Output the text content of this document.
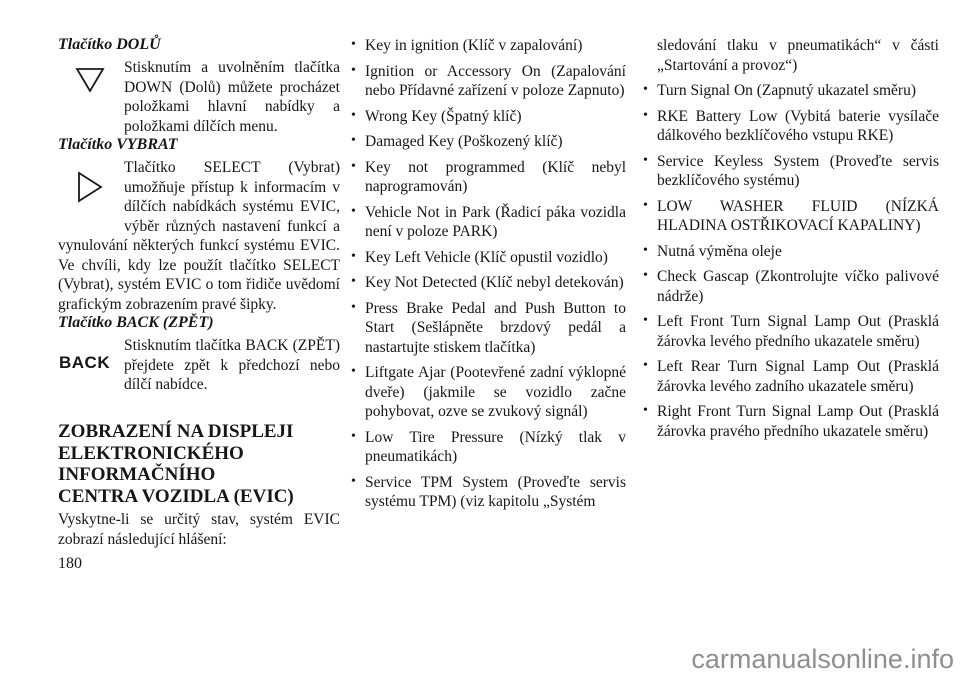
Tlačítko DOLŮ

Stisknutím a uvolněním tlačítka DOWN (Dolů) můžete procházet položkami hlavní nabídky a položkami dílčích menu.

Tlačítko VYBRAT

Tlačítko SELECT (Vybrat) umožňuje přístup k informacím v dílčích nabídkách systému EVIC, výběr různých nastavení funkcí a vynulování některých funkcí systému EVIC. Ve chvíli, kdy lze použít tlačítko SELECT (Vybrat), systém EVIC o tom řidiče uvědomí grafickým zobrazením pravé šipky.

Tlačítko BACK (ZPĚT)
BACK

Stisknutím tlačítka BACK (ZPĚT) přejdete zpět k předchozí nebo dílčí nabídce.

ZOBRAZENÍ NA DISPLEJI
ELEKTRONICKÉHO
INFORMAČNÍHO
CENTRA VOZIDLA (EVIC)

Vyskytne-li se určitý stav, systém EVIC zobrazí následující hlášení:

180
• Key in ignition (Klíč v zapalování)
• Ignition or Accessory On (Zapalování nebo Přídavné zařízení v poloze Zapnuto)
• Wrong Key (Špatný klíč)
• Damaged Key (Poškozený klíč)
• Key not programmed (Klíč nebyl naprogramován)
• Vehicle Not in Park (Řadicí páka vozidla není v poloze PARK)
• Key Left Vehicle (Klíč opustil vozidlo)
• Key Not Detected (Klíč nebyl detekován)
• Press Brake Pedal and Push Button to Start (Sešlápněte brzdový pedál a nastartujte stiskem tlačítka)
• Liftgate Ajar (Pootevřené zadní výklopné dveře) (jakmile se vozidlo začne pohybovat, ozve se zvukový signál)
• Low Tire Pressure (Nízký tlak v pneumatikách)
• Service TPM System (Proveďte servis systému TPM) (viz kapitolu „Systém

sledování tlaku v pneumatikách“ v části „Startování a provoz“)

• Turn Signal On (Zapnutý ukazatel směru)
• RKE Battery Low (Vybitá baterie vysílače dálkového bezklíčového vstupu RKE)
• Service Keyless System (Proveďte servis bezklíčového systému)
• LOW WASHER FLUID (NÍZKÁ HLADINA OSTŘIKOVACÍ KAPALINY)
• Nutná výměna oleje
• Check Gascap (Zkontrolujte víčko palivové nádrže)
• Left Front Turn Signal Lamp Out (Prasklá žárovka levého předního ukazatele směru)
• Left Rear Turn Signal Lamp Out (Prasklá žárovka levého zadního ukazatele směru)
• Right Front Turn Signal Lamp Out (Prasklá žárovka pravého předního ukazatele směru)
carmanualsonline.info
